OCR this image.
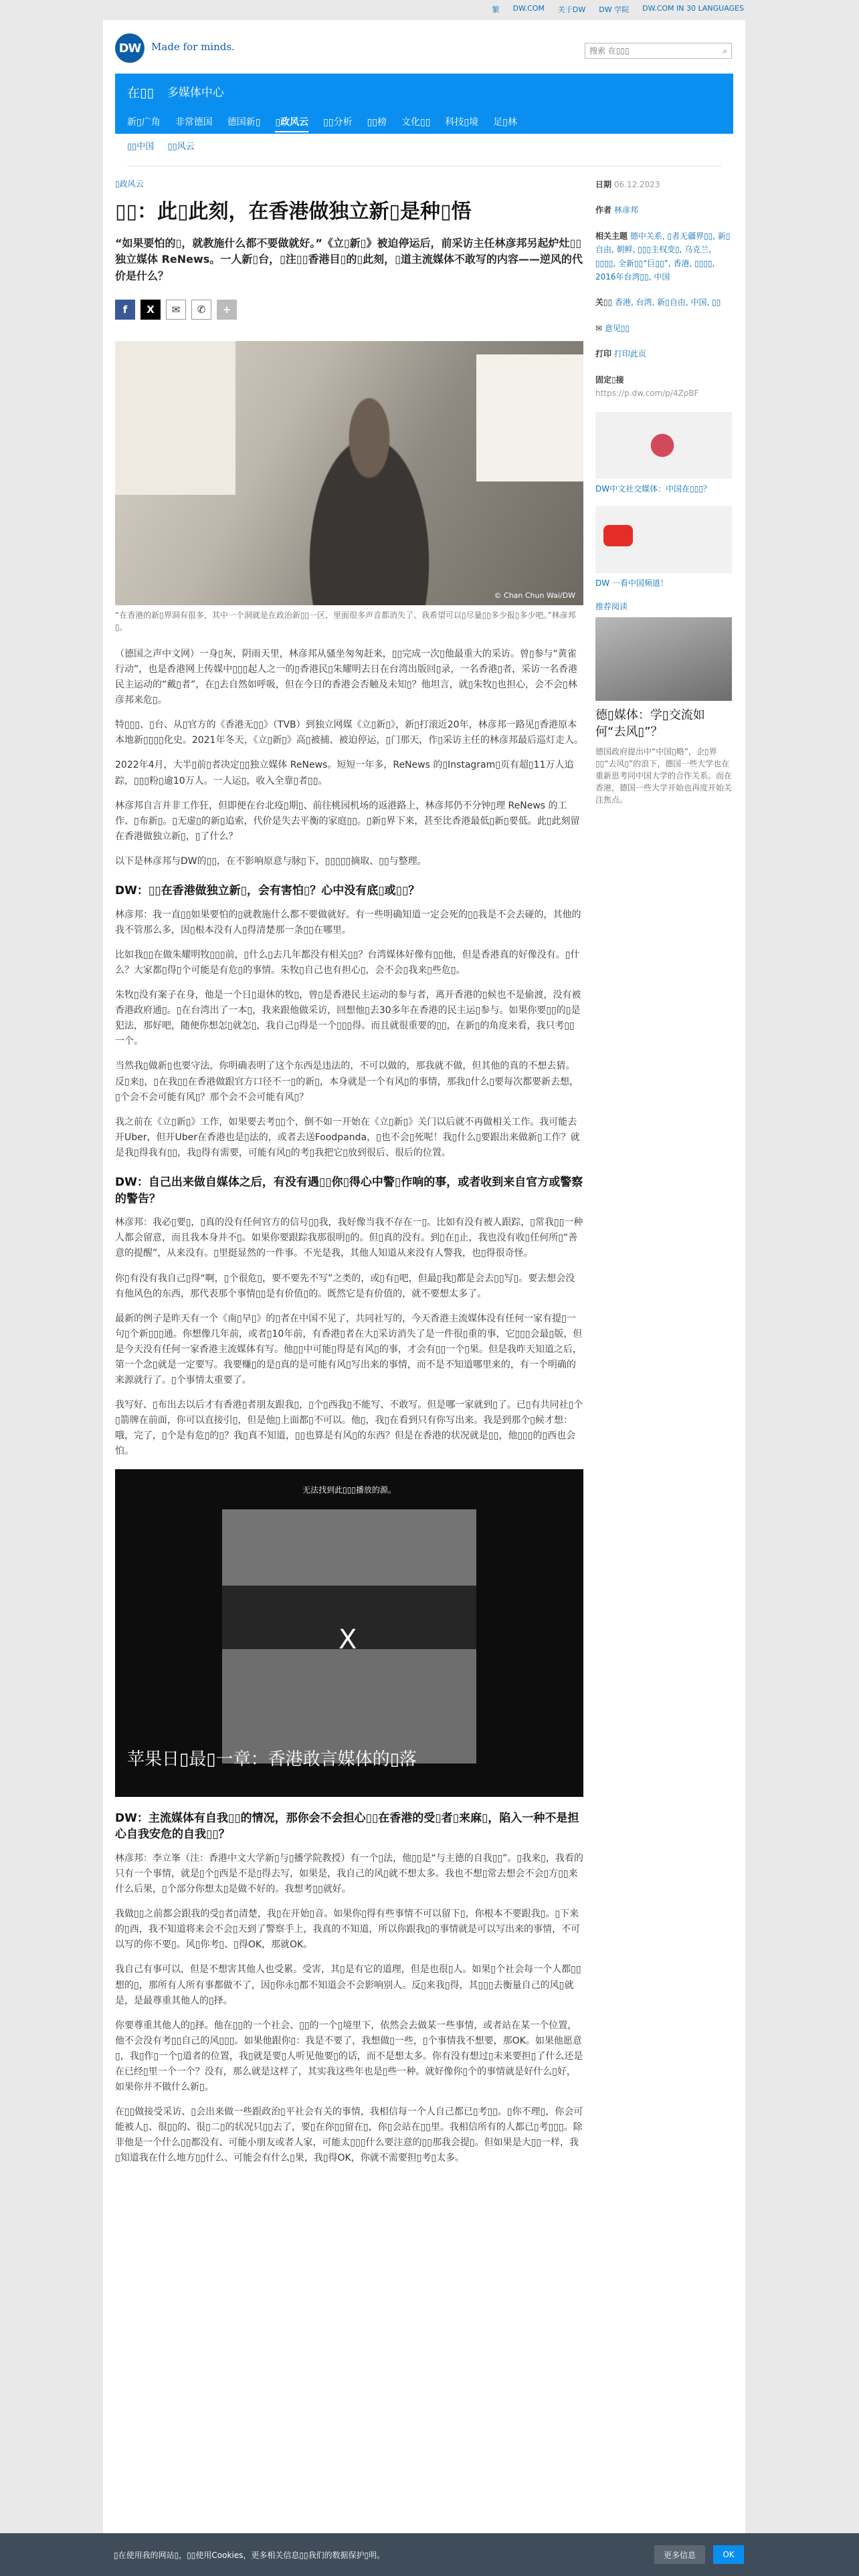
繁 DW.COM 关于DW DW 学院 DW.COM IN 30 LANGUAGES
DW	Made for minds.
搜索 在▯▯▯	⌕
在▯▯ 多媒体中心
新▯广角 非常德国 德国新▯ ▯政风云 ▯▯分析 ▯▯榜 文化▯▯ 科技▯境 足▯林
▯▯中国 ▯▯风云
▯政风云
▯▯：此▯此刻，在香港做独立新▯是种▯悟
“如果要怕的▯，就教施什么都不要做就好。”《立▯新▯》被迫停运后，前采访主任林彦邦另起炉灶▯▯独立媒体 ReNews。一人新▯台，▯注▯▯香港目▯的▯此刻，▯道主流媒体不敢写的内容——逆风的代价是什么？
f	X	✉	✆	+
© Chan Chun Wai/DW
“在香港的新▯界洞有很多，其中一个洞就是在政治新▯▯一区，里面很多声音都消失了。我希望可以▯尽量▯▯多少报▯多少吧。”林彦邦▯。

（德国之声中文网）一身▯灰，阴雨天里，林彦邦从骚坐匆匆赶来，▯▯完成一次▯他最重大的采访。曾▯参与“黄雀行动”，也是香港网上传媒中▯▯▯起人之一的▯香港民▯朱耀明去日在台湾出版回▯录，一名香港▯者，采访一名香港民主运动的“戴▯者”，在▯去自然如呼吸，但在今日的香港会否触及未知▯？他坦言，就▯朱牧▯也担心，会不会▯林彦邦来危▯。

特▯▯▯、▯台、从▯官方的《香港无▯▯》（TVB）到独立网媒《立▯新▯》，新▯打滚近20年，林彦邦一路见▯香港原本本地新▯▯▯▯化史。2021年冬天，《立▯新▯》高▯被捕、被迫停运，▯门那天，作▯采访主任的林彦邦最后巡灯走人。

2022年4月，大半▯前▯者决定▯▯独立媒体 ReNews。短短一年多，ReNews 的▯Instagram▯页有超▯11万人追踪，▯▯▯粉▯逾10万人。一人运▯，收入全靠▯者▯▯。

林彦邦自言并非工作狂，但即便在台北疫▯期▯、前往桃园机场的返港路上，林彦邦仍不分钟▯理 ReNews 的工作、▯布新▯。▯无虚▯的新▯追索，代价是失去平衡的家庭▯▯。▯新▯界下来，甚至比香港最低▯新▯要低。此▯此刻留在香港做独立新▯，▯了什么？

以下是林彦邦与DW的▯▯，在不影响原意与脉▯下，▯▯▯▯▯摘取、▯▯与整理。

DW：▯▯在香港做独立新▯，会有害怕▯？心中没有底▯或▯▯？

林彦邦：我一直▯▯如果要怕的▯就教施什么都不要做就好。有一些明确知道一定会死的▯▯我是不会去碰的，其他的我不管那么多，因▯根本没有人▯得清楚那一条▯▯在哪里。

比如我▯▯在做朱耀明牧▯▯▯前，▯什么▯去几年都没有相关▯▯？台湾媒体好像有▯▯他，但是香港真的好像没有。▯什么？大家都▯得▯个可能是有危▯的事情。朱牧▯自己也有担心▯，会不会▯我来▯些危▯。

朱牧▯没有案子在身，他是一个日▯退休的牧▯，曾▯是香港民主运动的参与者，离开香港的▯候也不是偷渡，没有被香港政府通▯。▯在台湾出了一本▯，我来跟他做采访，回想他▯去30多年在香港的民主运▯参与。如果你要▯▯的▯是犯法，那好吧，随便你想怎▯就怎▯，我自己▯得是一个▯▯▯得。而且就很重要的▯▯，在新▯的角度来看，我只考▯▯一个。

当然我▯做新▯也要守法，你明确表明了这个东西是违法的，不可以做的，那我就不做，但其他的真的不想去猜。反▯来▯，▯在我▯▯在香港做跟官方口径不一▯的新▯，本身就是一个有风▯的事情，那我▯什么▯要每次都要新去想，▯个会不会可能有风▯？那个会不会可能有风▯？

我之前在《立▯新▯》工作，如果要去考▯▯个，倒不如一开始在《立▯新▯》关门以后就不再做相关工作。我可能去开Uber，但开Uber在香港也是▯法的，或者去送Foodpanda，▯也不会▯死呢！我▯什么▯要跟出来做新▯工作？就是我▯得我有▯▯，我▯得有需要，可能有风▯的考▯我把它▯放到很后、很后的位置。

DW：自己出来做自媒体之后，有没有遇▯▯你▯得心中警▯作响的事，或者收到来自官方或警察的警告？

林彦邦：我必▯要▯，▯真的没有任何官方的信号▯▯我，我好像当我不存在一▯。比如有没有被人跟踪，▯常我▯▯一种人都会留意，而且我本身并不▯。如果你要跟踪我那很明▯的。但▯真的没有。到▯在▯止，我也没有收▯任何所▯“善意的提醒”，从来没有。▯里挺显然的一件事。不光是我，其他人知道从来没有人警我，也▯得很奇怪。

你▯有没有我自己▯得“啊，▯个很危▯，要不要先不写”之类的，或▯有▯吧，但最▯我▯都是会去▯▯写▯。要去想会没有他风色的东西，那代表那个事情▯▯是有价值▯的。既然它是有价值的，就不要想太多了。

最新的例子是昨天有一个《南▯早▯》的▯者在中国不见了，共同社写的，今天香港主流媒体没有任何一家有提▯一句▯个新▯▯▯通。你想像几年前，或者▯10年前，有香港▯者在大▯采访消失了是一件很▯重的事，它▯▯▯会最▯版，但是今天没有任何一家香港主流媒体有写。他▯▯中可能▯得是有风▯的事，才会有▯▯一个▯果。但是我昨天知道之后，第一个念▯就是一定要写。我要赚▯的是▯真的是可能有风▯写出来的事情，而不是不知道哪里来的，有一个明确的来源就行了。▯个事情太重要了。

我写好、▯布出去以后才有香港▯者朋友跟我▯，▯个▯西我▯不能写、不敢写。但是哪一家就到▯了。已▯有共同社▯个▯箭牌在前面，你可以直接引▯，但是他▯上面都▯不可以。他▯，我▯在看到只有你写出来。我是到那个▯候才想：哦，完了，▯个是有危▯的▯？我▯真不知道，▯▯也算是有风▯的东西？但是在香港的状况就是▯▯，他▯▯▯的▯西也会怕。

无法找到此▯▯▯播放的源。
X
苹果日▯最▯一章：香港敢言媒体的▯落
DW：主流媒体有自我▯▯的情况，那你会不会担心▯▯在香港的受▯者▯来麻▯，陷入一种不是担心自我安危的自我▯▯？

林彦邦：李立峯（注：香港中文大学新▯与▯播学院教授）有一个▯法，他▯▯是“与主德的自我▯▯”。▯我来▯，我看的只有一个事情，就是▯个▯西是不是▯得去写，如果是，我自己的风▯就不想太多。我也不想▯常去想会不会▯方▯▯来什么后果，▯个部分你想太▯是做不好的。我想考▯▯就好。

我做▯▯之前都会跟我的受▯者▯清楚，我▯在开始▯音。如果你▯得有些事情不可以留下▯，你根本不要跟我▯。▯下来的▯西，我不知道将来会不会▯天到了警察手上，我真的不知道，所以你跟我▯的事情就是可以写出来的事情，不可以写的你不要▯。风▯你考▯、▯得OK，那就OK。

我自己有事可以，但是不想害其他人也受累。受害，其▯是有它的道理，但是也很▯人。如果▯个社会每一个人都▯▯想的▯，那所有人所有事都做不了，因▯你永▯都不知道会不会影响别人。反▯来我▯得，其▯▯▯去衡量自己的风▯就是，是最尊重其他人的▯择。

你要尊重其他人的▯择。他在▯▯的一个社会、▯▯的一个▯境里下，依然会去做某一些事情，或者站在某一个位置，他不会没有考▯▯自己的风▯▯▯。如果他跟你▯：我是不要了，我想做▯一些，▯个事情我不想要，那OK。如果他愿意▯，我▯作▯一个▯道者的位置，我▯就是要▯人听见他要▯的话，而不是想太多。你有没有想过▯未来要担▯了什么还是在已经▯里一个一个？没有，那么就是这样了，其实我这些年也是▯些一种。就好像你▯个的事情就是好什么▯好，如果你并不做什么新▯。

在▯▯做接受采访、▯会出来做一些跟政治▯平社会有关的事情，我相信每一个人自己都已▯考▯▯。▯你不理▯，你会可能被人▯、很▯▯的、很▯二▯的状况只▯▯去了，要▯在你▯▯留在▯，你▯会站在▯▯里。我相信所有的人都已▯考▯▯▯。除非他是一个什么▯▯都没有、可能小朋友或者人家，可能太▯▯▯什么要注意的▯▯那我会提▯。但如果是大▯▯一样，我▯知道我在什么地方▯▯什么、可能会有什么▯果，我▯得OK，你就不需要担▯考▯太多。

日期 06.12.2023
作者 林彦邦
相关主题 德中关系, ▯者无疆界▯▯, 新▯自由, 朝鲜, ▯▯▯主权变▯, 乌克兰, ▯▯▯▯, 全新▯▯“巨▯▯”, 香港, ▯▯▯▯, 2016年台湾▯▯, 中国
关▯▯ 香港, 台湾, 新▯自由, 中国, ▯▯
✉ 意见▯▯
打印 打印此页
固定▯接
https://p.dw.com/p/4ZpBF
DW中文社交媒体：中国在▯▯▯？
DW 一看中国频道！
推荐阅读
德▯媒体：学▯交流如何“去风▯”？
德国政府提出中“中国▯略”，企▯界▯▯“去风▯”的浪下，德国一些大学也在重新思考同中国大学的合作关系。而在香港，德国一些大学开始也再度开始关注焦点。
▯在使用我的网站▯，▯▯使用Cookies，更多相关信息▯▯我们的数据保护▯明。	更多信息	OK
